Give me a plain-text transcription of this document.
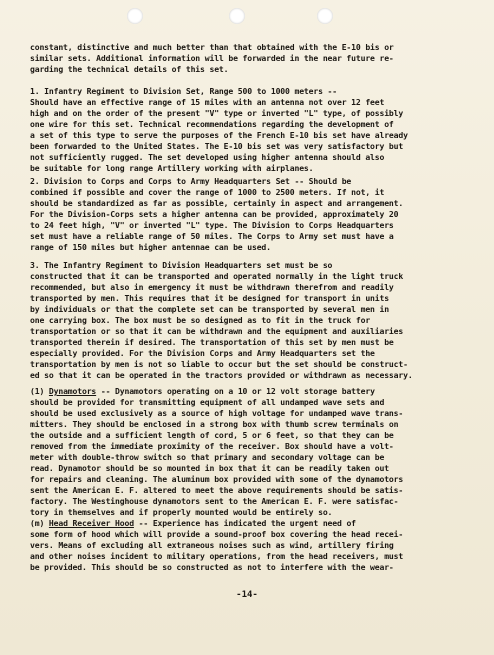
constant, distinctive and much better than that obtained with the E-10 bis or
similar sets. Additional information will be forwarded in the near future re-
garding the technical details of this set.
1. Infantry Regiment to Division Set, Range 500 to 1000 meters --
Should have an effective range of 15 miles with an antenna not over 12 feet
high and on the order of the present "V" type or inverted "L" type, of possibly
one wire for this set. Technical recommendations regarding the development of
a set of this type to serve the purposes of the French E-10 bis set have already
been forwarded to the United States. The E-10 bis set was very satisfactory but
not sufficiently rugged. The set developed using higher antenna should also
be suitable for long range Artillery working with airplanes.
2. Division to Corps and Corps to Army Headquarters Set -- Should be
combined if possible and cover the range of 1000 to 2500 meters. If not, it
should be standardized as far as possible, certainly in aspect and arrangement.
For the Division-Corps sets a higher antenna can be provided, approximately 20
to 24 feet high, "V" or inverted "L" type. The Division to Corps Headquarters
set must have a reliable range of 50 miles. The Corps to Army set must have a
range of 150 miles but higher antennae can be used.
3. The Infantry Regiment to Division Headquarters set must be so
constructed that it can be transported and operated normally in the light truck
recommended, but also in emergency it must be withdrawn therefrom and readily
transported by men. This requires that it be designed for transport in units
by individuals or that the complete set can be transported by several men in
one carrying box. The box must be so designed as to fit in the truck for
transportation or so that it can be withdrawn and the equipment and auxiliaries
transported therein if desired. The transportation of this set by men must be
especially provided. For the Division Corps and Army Headquarters set the
transportation by men is not so liable to occur but the set should be construct-
ed so that it can be operated in the tractors provided or withdrawn as necessary.
(1) Dynamotors -- Dynamotors operating on a 10 or 12 volt storage battery
should be provided for transmitting equipment of all undamped wave sets and
should be used exclusively as a source of high voltage for undamped wave trans-
mitters. They should be enclosed in a strong box with thumb screw terminals on
the outside and a sufficient length of cord, 5 or 6 feet, so that they can be
removed from the immediate proximity of the receiver. Box should have a volt-
meter with double-throw switch so that primary and secondary voltage can be
read. Dynamotor should be so mounted in box that it can be readily taken out
for repairs and cleaning. The aluminum box provided with some of the dynamotors
sent the American E. F. altered to meet the above requirements should be satis-
factory. The Westinghouse dynamotors sent to the American E. F. were satisfac-
tory in themselves and if properly mounted would be entirely so.
(m) Head Receiver Hood -- Experience has indicated the urgent need of
some form of hood which will provide a sound-proof box covering the head recei-
vers. Means of excluding all extraneous noises such as wind, artillery firing
and other noises incident to military operations, from the head receivers, must
be provided. This should be so constructed as not to interfere with the wear-
-14-
